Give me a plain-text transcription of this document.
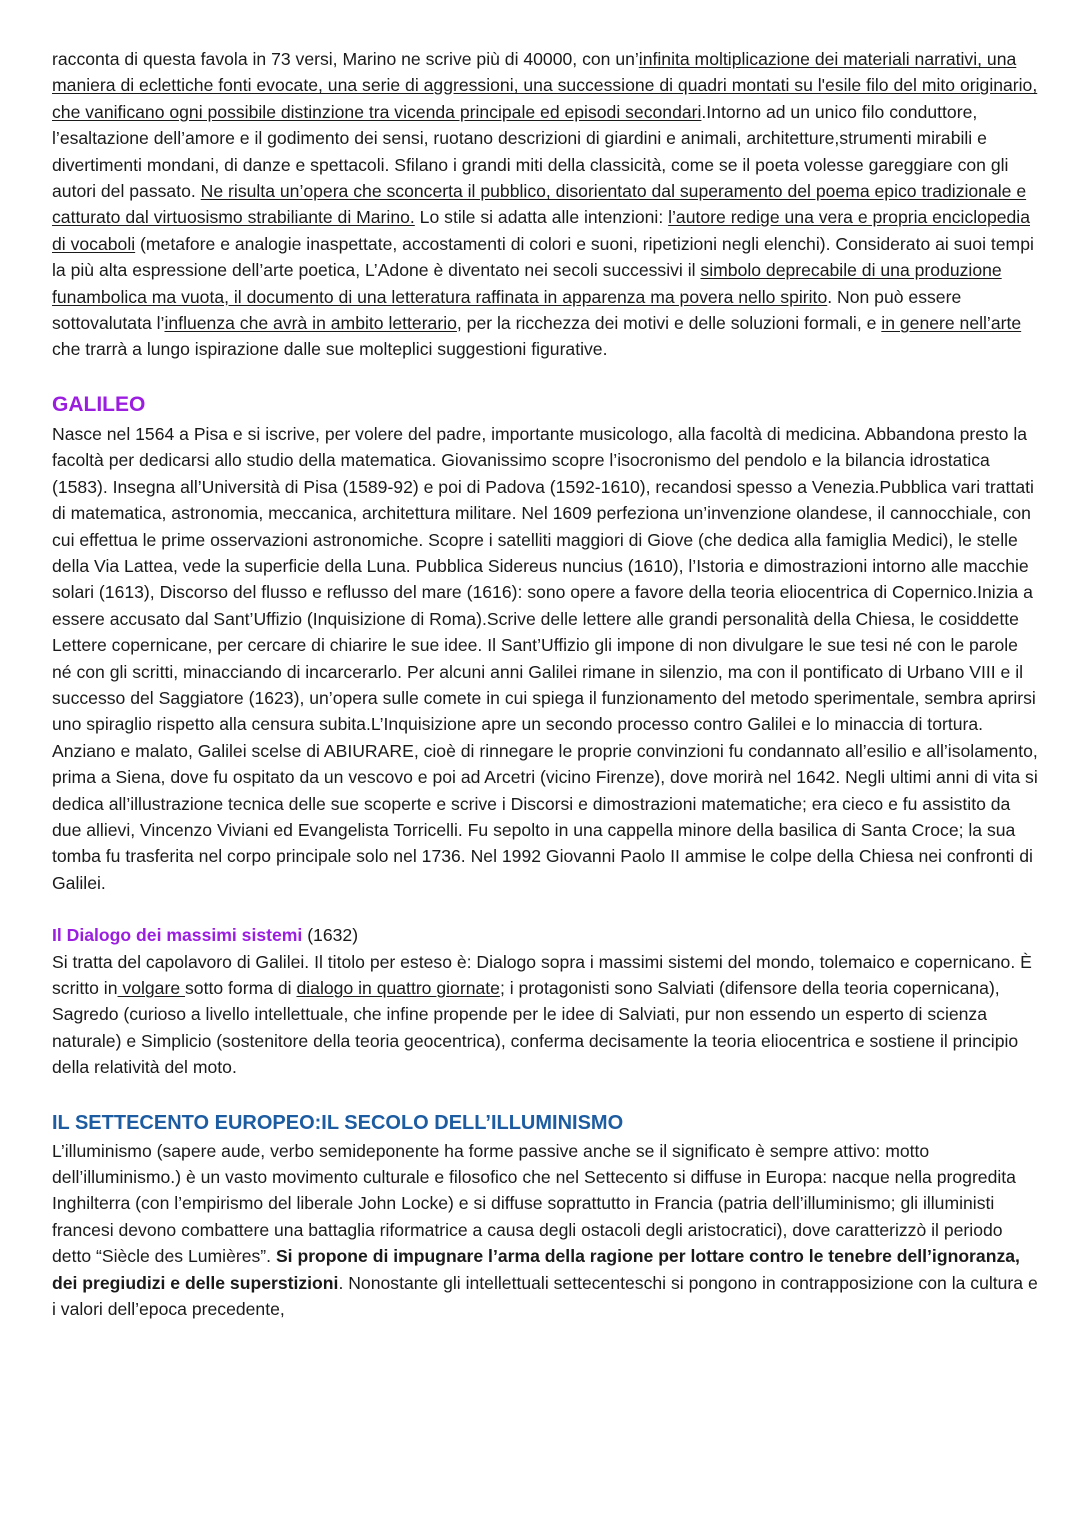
racconta di questa favola in 73 versi, Marino ne scrive più di 40000, con un’infinita moltiplicazione dei materiali narrativi, una maniera di eclettiche fonti evocate, una serie di aggressioni, una successione di quadri montati su l'esile filo del mito originario, che vanificano ogni possibile distinzione tra vicenda principale ed episodi secondari.Intorno ad un unico filo conduttore, l’esaltazione dell’amore e il godimento dei sensi, ruotano descrizioni di giardini e animali, architetture,strumenti mirabili e divertimenti mondani, di danze e spettacoli. Sfilano i grandi miti della classicità, come se il poeta volesse gareggiare con gli autori del passato. Ne risulta un’opera che sconcerta il pubblico, disorientato dal superamento del poema epico tradizionale e catturato dal virtuosismo strabiliante di Marino. Lo stile si adatta alle intenzioni: l’autore redige una vera e propria enciclopedia di vocaboli (metafore e analogie inaspettate, accostamenti di colori e suoni, ripetizioni negli elenchi). Considerato ai suoi tempi la più alta espressione dell’arte poetica, L’Adone è diventato nei secoli successivi il simbolo deprecabile di una produzione funambolica ma vuota, il documento di una letteratura raffinata in apparenza ma povera nello spirito. Non può essere sottovalutata l’influenza che avrà in ambito letterario, per la ricchezza dei motivi e delle soluzioni formali, e in genere nell’arte che trarrà a lungo ispirazione dalle sue molteplici suggestioni figurative.

GALILEO

Nasce nel 1564 a Pisa e si iscrive, per volere del padre, importante musicologo, alla facoltà di medicina. Abbandona presto la facoltà per dedicarsi allo studio della matematica. Giovanissimo scopre l’isocronismo del pendolo e la bilancia idrostatica (1583). Insegna all’Università di Pisa (1589-92) e poi di Padova (1592-1610), recandosi spesso a Venezia.Pubblica vari trattati di matematica, astronomia, meccanica, architettura militare. Nel 1609 perfeziona un’invenzione olandese, il cannocchiale, con cui effettua le prime osservazioni astronomiche. Scopre i satelliti maggiori di Giove (che dedica alla famiglia Medici), le stelle della Via Lattea, vede la superficie della Luna. Pubblica Sidereus nuncius (1610), l’Istoria e dimostrazioni intorno alle macchie solari (1613), Discorso del flusso e reflusso del mare (1616): sono opere a favore della teoria eliocentrica di Copernico.Inizia a essere accusato dal Sant’Uffizio (Inquisizione di Roma).Scrive delle lettere alle grandi personalità della Chiesa, le cosiddette Lettere copernicane, per cercare di chiarire le sue idee. Il Sant’Uffizio gli impone di non divulgare le sue tesi né con le parole né con gli scritti, minacciando di incarcerarlo. Per alcuni anni Galilei rimane in silenzio, ma con il pontificato di Urbano VIII e il successo del Saggiatore (1623), un’opera sulle comete in cui spiega il funzionamento del metodo sperimentale, sembra aprirsi uno spiraglio rispetto alla censura subita.L’Inquisizione apre un secondo processo contro Galilei e lo minaccia di tortura. Anziano e malato, Galilei scelse di ABIURARE, cioè di rinnegare le proprie convinzioni fu condannato all’esilio e all’isolamento, prima a Siena, dove fu ospitato da un vescovo e poi ad Arcetri (vicino Firenze), dove morirà nel 1642. Negli ultimi anni di vita si dedica all’illustrazione tecnica delle sue scoperte e scrive i Discorsi e dimostrazioni matematiche; era cieco e fu assistito da due allievi, Vincenzo Viviani ed Evangelista Torricelli. Fu sepolto in una cappella minore della basilica di Santa Croce; la sua tomba fu trasferita nel corpo principale solo nel 1736. Nel 1992 Giovanni Paolo II ammise le colpe della Chiesa nei confronti di Galilei.

Il Dialogo dei massimi sistemi (1632)

Si tratta del capolavoro di Galilei. Il titolo per esteso è: Dialogo sopra i massimi sistemi del mondo, tolemaico e copernicano. È scritto in volgare sotto forma di dialogo in quattro giornate; i protagonisti sono Salviati (difensore della teoria copernicana), Sagredo (curioso a livello intellettuale, che infine propende per le idee di Salviati, pur non essendo un esperto di scienza naturale) e Simplicio (sostenitore della teoria geocentrica), conferma decisamente la teoria eliocentrica e sostiene il principio della relatività del moto.

IL SETTECENTO EUROPEO:IL SECOLO DELL’ILLUMINISMO

L’illuminismo (sapere aude, verbo semideponente ha forme passive anche se il significato è sempre attivo: motto dell’illuminismo.) è un vasto movimento culturale e filosofico che nel Settecento si diffuse in Europa: nacque nella progredita Inghilterra (con l’empirismo del liberale John Locke) e si diffuse soprattutto in Francia (patria dell’illuminismo; gli illuministi francesi devono combattere una battaglia riformatrice a causa degli ostacoli degli aristocratici), dove caratterizzò il periodo detto “Siècle des Lumières”. Si propone di impugnare l’arma della ragione per lottare contro le tenebre dell’ignoranza, dei pregiudizi e delle superstizioni. Nonostante gli intellettuali settecenteschi si pongono in contrapposizione con la cultura e i valori dell’epoca precedente,
